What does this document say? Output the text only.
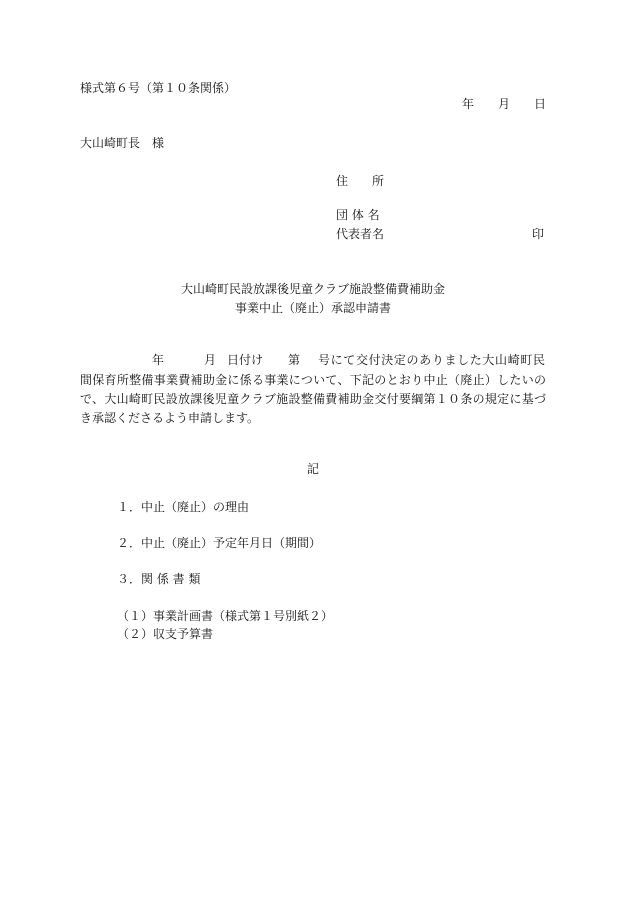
様式第６号（第１０条関係）
年　　月　　日
大山崎町長　様
住　　所
団 体 名
代表者名	印
大山崎町民設放課後児童クラブ施設整備費補助金
事業中止（廃止）承認申請書
年	月 日付け 第 号にて交付決定のありました大山崎町民
間保育所整備事業費補助金に係る事業について、下記のとおり中止（廃止）したいの
で、大山崎町民設放課後児童クラブ施設整備費補助金交付要綱第１０条の規定に基づ
き承認くださるよう申請します。
記
１．中止（廃止）の理由
２．中止（廃止）予定年月日（期間）
３．関 係 書 類
（１）事業計画書（様式第１号別紙２）
（２）収支予算書
